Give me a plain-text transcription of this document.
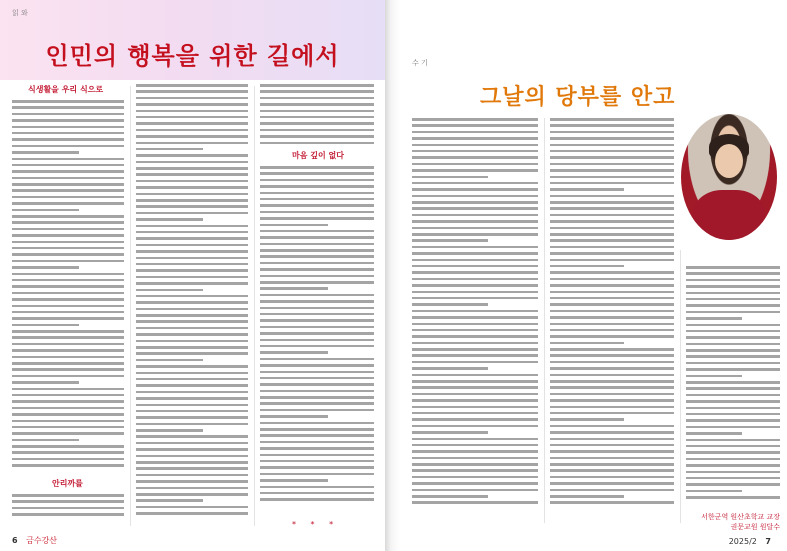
읽 와
인민의 행복을 위한 길에서
식생활을 우리 식으로
안리까를
마음 깊이 없다
* * *
6 금수강산
수 기
그날의 당부를 안고
서한군역 원산초학교 교장
권문교원 원달수
2025/2 7
